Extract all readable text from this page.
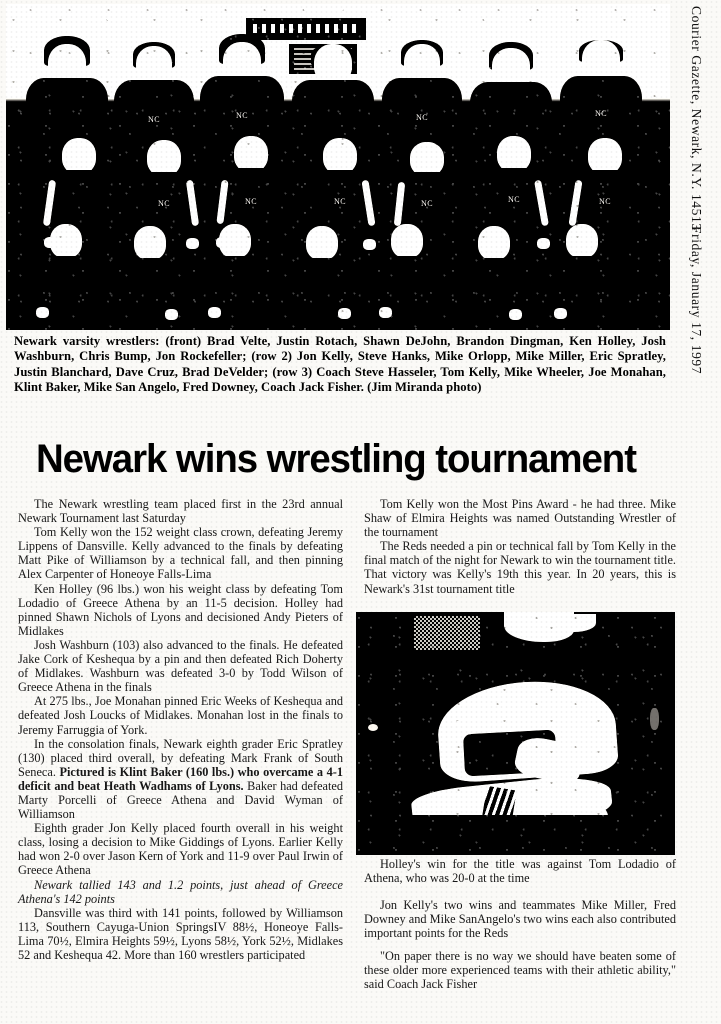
NC	NC	NC	NC
NC	NC	NC	NC	NC	NC
Newark varsity wrestlers: (front) Brad Velte, Justin Rotach, Shawn DeJohn, Brandon Dingman, Ken Holley, Josh Washburn, Chris Bump, Jon Rockefeller; (row 2) Jon Kelly, Steve Hanks, Mike Orlopp, Mike Miller, Eric Spratley, Justin Blanchard, Dave Cruz, Brad DeVelder; (row 3) Coach Steve Hasseler, Tom Kelly, Mike Wheeler, Joe Monahan, Klint Baker, Mike San Angelo, Fred Downey, Coach Jack Fisher. (Jim Miranda photo)
Newark wins wrestling tournament

The Newark wrestling team placed first in the 23rd annual Newark Tournament last Saturday

Tom Kelly won the 152 weight class crown, defeating Jeremy Lippens of Dansville. Kelly advanced to the finals by defeating Matt Pike of Williamson by a technical fall, and then pinning Alex Carpenter of Honeoye Falls-Lima

Ken Holley (96 lbs.) won his weight class by defeating Tom Lodadio of Greece Athena by an 11-5 decision. Holley had pinned Shawn Nichols of Lyons and decisioned Andy Pieters of Midlakes

Josh Washburn (103) also advanced to the finals. He defeated Jake Cork of Keshequa by a pin and then defeated Rich Doherty of Midlakes. Washburn was defeated 3-0 by Todd Wilson of Greece Athena in the finals

At 275 lbs., Joe Monahan pinned Eric Weeks of Keshequa and defeated Josh Loucks of Midlakes. Monahan lost in the finals to Jeremy Farruggia of York.

In the consolation finals, Newark eighth grader Eric Spratley (130) placed third overall, by defeating Mark Frank of South Seneca. Pictured is Klint Baker (160 lbs.) who overcame a 4-1 deficit and beat Heath Wadhams of Lyons. Baker had defeated Marty Porcelli of Greece Athena and David Wyman of Williamson

Eighth grader Jon Kelly placed fourth overall in his weight class, losing a decision to Mike Giddings of Lyons. Earlier Kelly had won 2-0 over Jason Kern of York and 11-9 over Paul Irwin of Greece Athena

Newark tallied 143 and 1.2 points, just ahead of Greece Athena's 142 points

Dansville was third with 141 points, followed by Williamson 113, Southern Cayuga-Union SpringsIV 88½, Honeoye Falls-Lima 70½, Elmira Heights 59½, Lyons 58½, York 52½, Midlakes 52 and Keshequa 42. More than 160 wrestlers participated

Tom Kelly won the Most Pins Award - he had three. Mike Shaw of Elmira Heights was named Outstanding Wrestler of the tournament

The Reds needed a pin or technical fall by Tom Kelly in the final match of the night for Newark to win the tournament title. That victory was Kelly's 19th this year. In 20 years, this is Newark's 31st tournament title

Holley's win for the title was against Tom Lodadio of Athena, who was 20-0 at the time

Jon Kelly's two wins and teammates Mike Miller, Fred Downey and Mike SanAngelo's two wins each also contributed important points for the Reds

"On paper there is no way we should have beaten some of these older more experienced teams with their athletic ability," said Coach Jack Fisher

Courier Gazette, Newark, N.Y. 14513
Friday, January 17, 1997
